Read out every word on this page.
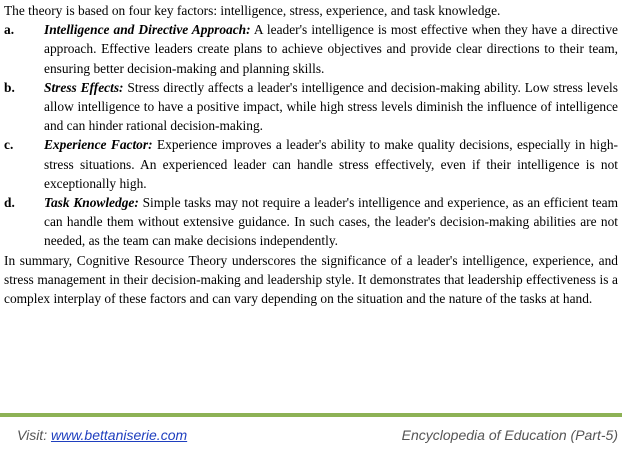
The theory is based on four key factors: intelligence, stress, experience, and task knowledge.

a.	Intelligence and Directive Approach: A leader's intelligence is most effective when they have a directive approach. Effective leaders create plans to achieve objectives and provide clear directions to their team, ensuring better decision-making and planning skills.
b.	Stress Effects: Stress directly affects a leader's intelligence and decision-making ability. Low stress levels allow intelligence to have a positive impact, while high stress levels diminish the influence of intelligence and can hinder rational decision-making.
c.	Experience Factor: Experience improves a leader's ability to make quality decisions, especially in high-stress situations. An experienced leader can handle stress effectively, even if their intelligence is not exceptionally high.
d.	Task Knowledge: Simple tasks may not require a leader's intelligence and experience, as an efficient team can handle them without extensive guidance. In such cases, the leader's decision-making abilities are not needed, as the team can make decisions independently.

In summary, Cognitive Resource Theory underscores the significance of a leader's intelligence, experience, and stress management in their decision-making and leadership style. It demonstrates that leadership effectiveness is a complex interplay of these factors and can vary depending on the situation and the nature of the tasks at hand.

Visit: www.bettaniserie.com	Encyclopedia of Education (Part-5)
